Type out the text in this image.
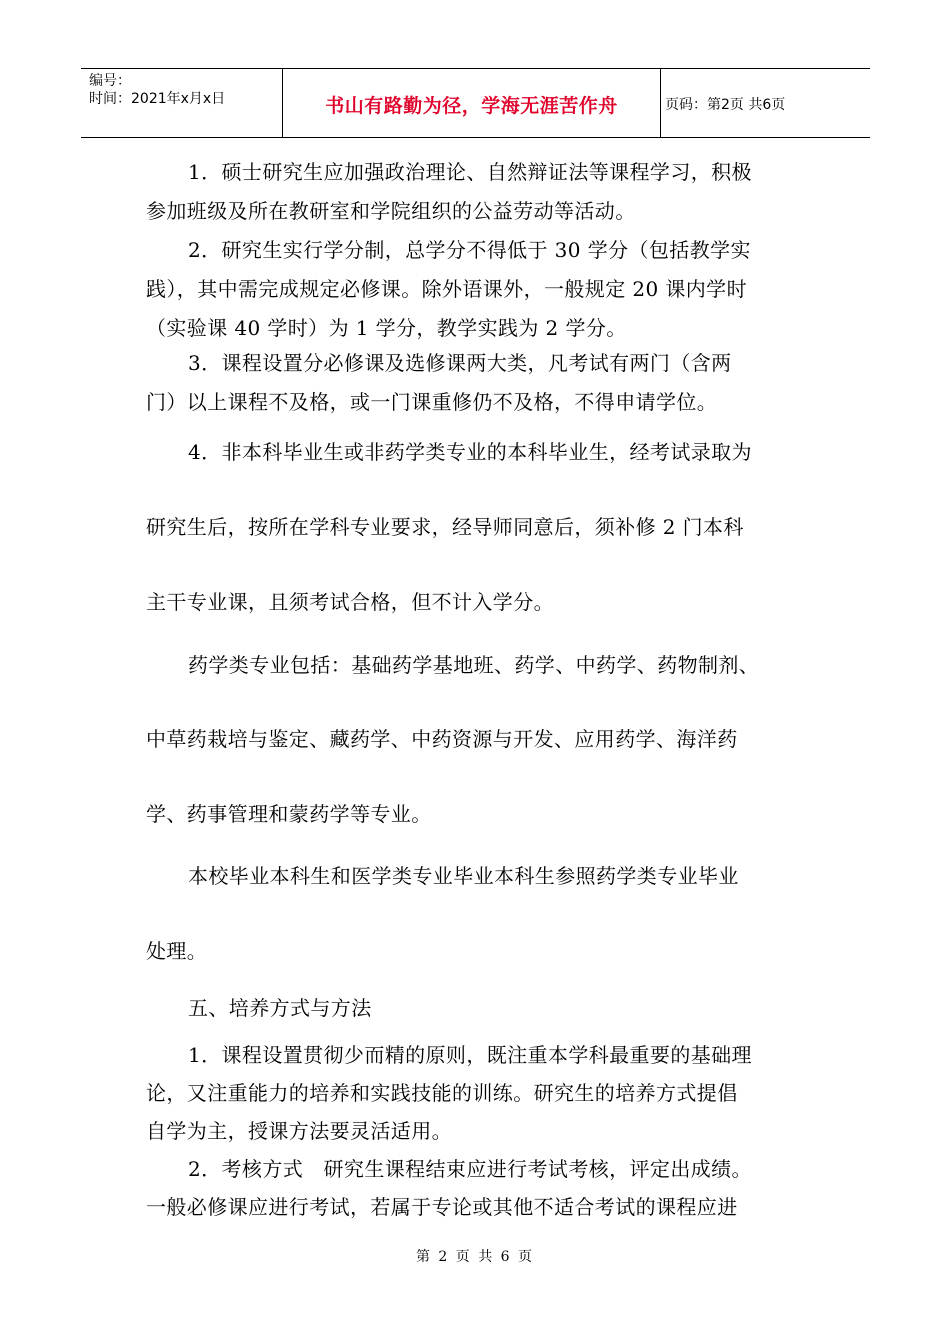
编号：
时间：2021年x月x日	书山有路勤为径，学海无涯苦作舟	页码：第2页 共6页
1．硕士研究生应加强政治理论、自然辩证法等课程学习，积极
参加班级及所在教研室和学院组织的公益劳动等活动。
2．研究生实行学分制，总学分不得低于 30 学分（包括教学实
践），其中需完成规定必修课。除外语课外，一般规定 20 课内学时
（实验课 40 学时）为 1 学分，教学实践为 2 学分。
3．课程设置分必修课及选修课两大类，凡考试有两门（含两
门）以上课程不及格，或一门课重修仍不及格，不得申请学位。
4．非本科毕业生或非药学类专业的本科毕业生，经考试录取为
研究生后，按所在学科专业要求，经导师同意后，须补修 2 门本科
主干专业课，且须考试合格，但不计入学分。
药学类专业包括：基础药学基地班、药学、中药学、药物制剂、
中草药栽培与鉴定、藏药学、中药资源与开发、应用药学、海洋药
学、药事管理和蒙药学等专业。
本校毕业本科生和医学类专业毕业本科生参照药学类专业毕业
处理。
五、培养方式与方法
1．课程设置贯彻少而精的原则，既注重本学科最重要的基础理
论，又注重能力的培养和实践技能的训练。研究生的培养方式提倡
自学为主，授课方法要灵活适用。
2．考核方式　研究生课程结束应进行考试考核，评定出成绩。
一般必修课应进行考试，若属于专论或其他不适合考试的课程应进
第 2 页 共 6 页
